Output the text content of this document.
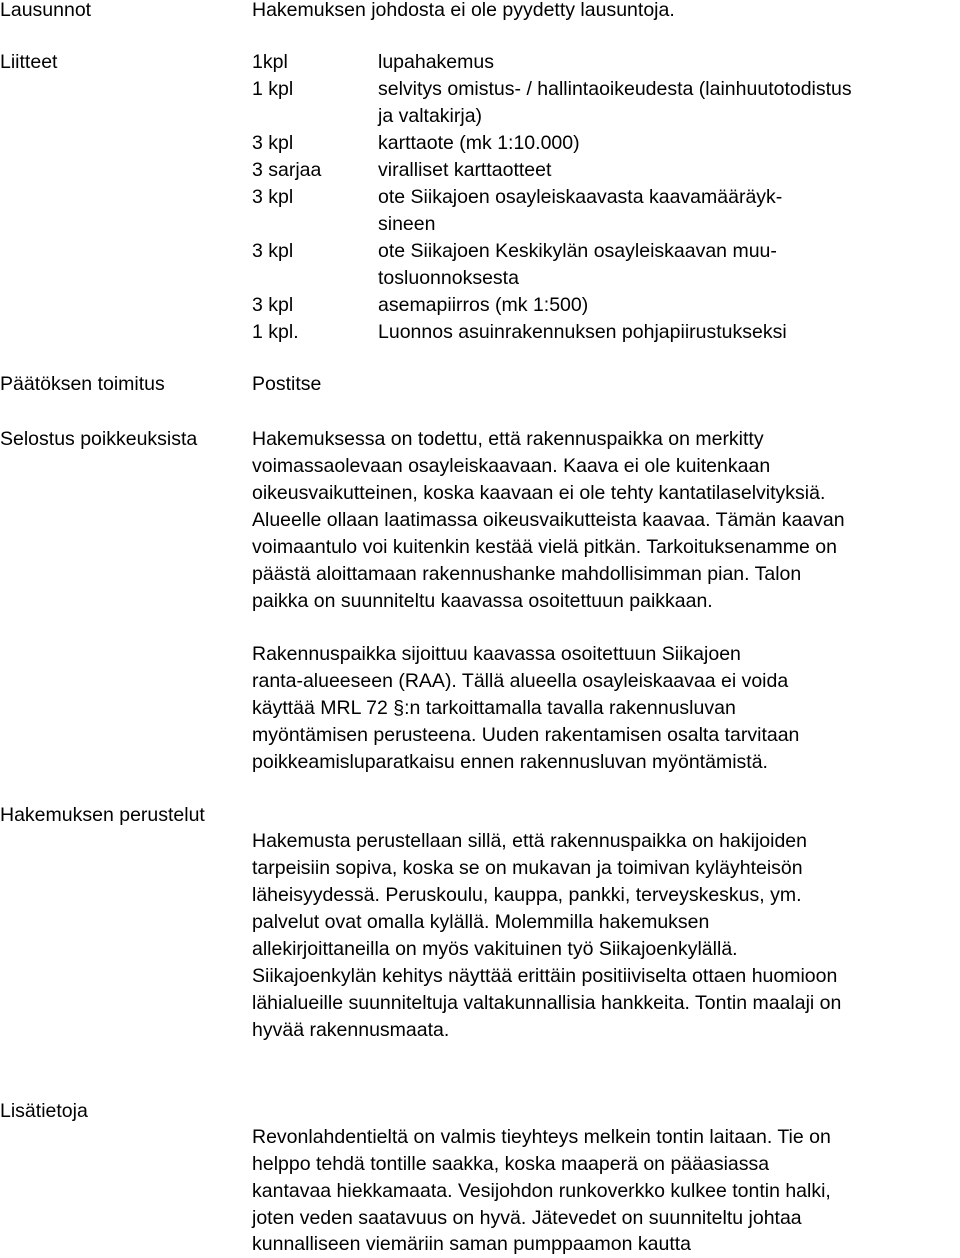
Lausunnot	Hakemuksen johdosta ei ole pyydetty lausuntoja.
Liitteet	1kpl	lupahakemus
1 kpl	selvitys omistus- / hallintaoikeudesta (lainhuutotodistus
ja valtakirja)
3 kpl	karttaote (mk 1:10.000)
3 sarjaa	viralliset karttaotteet
3 kpl	ote Siikajoen osayleiskaavasta kaavamääräyk-
sineen
3 kpl	ote Siikajoen Keskikylän osayleiskaavan muu-
tosluonnoksesta
3 kpl	asemapiirros (mk 1:500)
1 kpl.	Luonnos asuinrakennuksen pohjapiirustukseksi
Päätöksen toimitus	Postitse
Selostus poikkeuksista	Hakemuksessa on todettu, että rakennuspaikka on merkitty
voimassaolevaan osayleiskaavaan. Kaava ei ole kuitenkaan
oikeusvaikutteinen, koska kaavaan ei ole tehty kantatilaselvityksiä.
Alueelle ollaan laatimassa oikeusvaikutteista kaavaa. Tämän kaavan
voimaantulo voi kuitenkin kestää vielä pitkän. Tarkoituksenamme on
päästä aloittamaan rakennushanke mahdollisimman pian. Talon
paikka on suunniteltu kaavassa osoitettuun paikkaan.
Rakennuspaikka sijoittuu kaavassa osoitettuun Siikajoen
ranta-alueeseen (RAA). Tällä alueella osayleiskaavaa ei voida
käyttää MRL 72 §:n tarkoittamalla tavalla rakennusluvan
myöntämisen perusteena. Uuden rakentamisen osalta tarvitaan
poikkeamisluparatkaisu ennen rakennusluvan myöntämistä.
Hakemuksen perustelut
Hakemusta perustellaan sillä, että rakennuspaikka on hakijoiden
tarpeisiin sopiva, koska se on mukavan ja toimivan kyläyhteisön
läheisyydessä. Peruskoulu, kauppa, pankki, terveyskeskus, ym.
palvelut ovat omalla kylällä. Molemmilla hakemuksen
allekirjoittaneilla on myös vakituinen työ Siikajoenkylällä.
Siikajoenkylän kehitys näyttää erittäin positiiviselta ottaen huomioon
lähialueille suunniteltuja valtakunnallisia hankkeita. Tontin maalaji on
hyvää rakennusmaata.
Lisätietoja
Revonlahdentieltä on valmis tieyhteys melkein tontin laitaan. Tie on
helppo tehdä tontille saakka, koska maaperä on pääasiassa
kantavaa hiekkamaata. Vesijohdon runkoverkko kulkee tontin halki,
joten veden saatavuus on hyvä. Jätevedet on suunniteltu johtaa
kunnalliseen viemäriin saman pumppaamon kautta
